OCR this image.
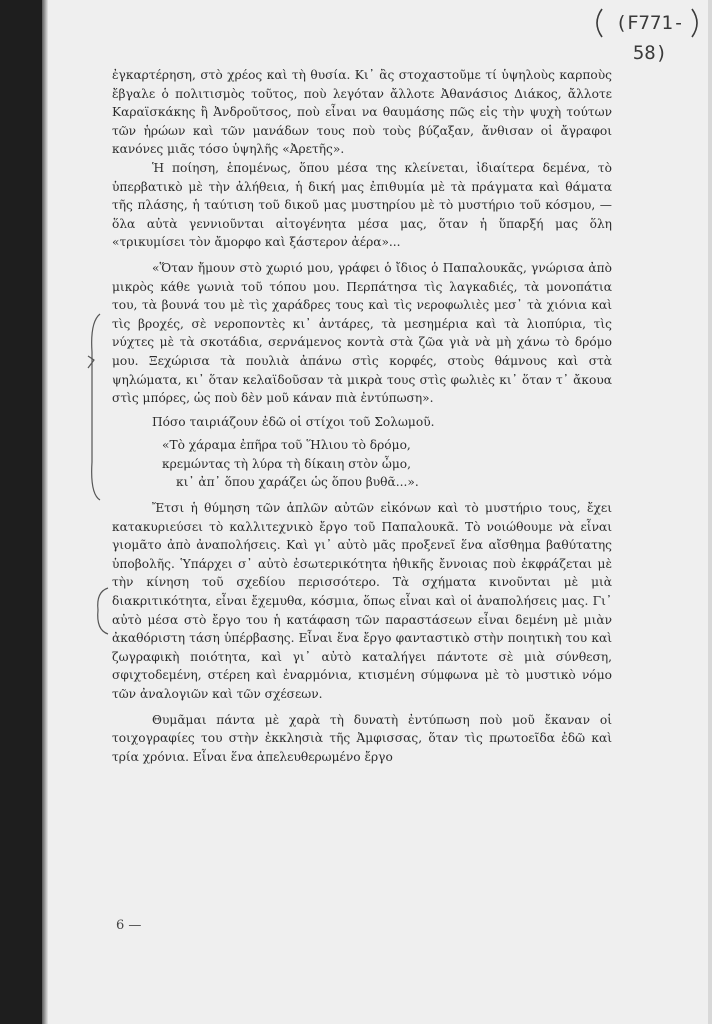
(F771-58)

ἐγκαρτέρηση, στὸ χρέος καὶ τὴ θυσία. Κι᾽ ἂς στοχαστοῦμε τί ὑψηλοὺς καρποὺς ἔβγαλε ὁ πολιτισμὸς τοῦτος, ποὺ λεγόταν ἄλλοτε Ἀθανάσιος Διάκος, ἄλλοτε Καραϊσκάκης ἢ Ἀνδροῦτσος, ποὺ εἶναι να θαυμάσης πῶς εἰς τὴν ψυχὴ τούτων τῶν ἡρώων καὶ τῶν μανάδων τους ποὺ τοὺς βύζαξαν, ἄνθισαν οἱ ἄγραφοι κανόνες μιᾶς τόσο ὑψηλῆς «Ἀρετῆς».

Ἡ ποίηση, ἑπομένως, ὅπου μέσα της κλείνεται, ἰδιαίτερα δεμένα, τὸ ὑπερβατικὸ μὲ τὴν ἀλήθεια, ἡ δική μας ἐπιθυμία μὲ τὰ πράγματα καὶ θάματα τῆς πλάσης, ἡ ταύτιση τοῦ δικοῦ μας μυστηρίου μὲ τὸ μυστήριο τοῦ κόσμου, — ὅλα αὐτὰ γεννιοῦνται αἰτογένητα μέσα μας, ὅταν ἡ ὕπαρξή μας ὅλη «τρικυμίσει τὸν ἄμορφο καὶ ξάστερον ἀέρα»...

«Ὅταν ἤμουν στὸ χωριό μου, γράφει ὁ ἴδιος ὁ Παπαλουκᾶς, γνώρισα ἀπὸ μικρὸς κάθε γωνιὰ τοῦ τόπου μου. Περπάτησα τὶς λαγκαδιές, τὰ μονοπάτια του, τὰ βουνά του μὲ τὶς χαράδρες τους καὶ τὶς νεροφωλιὲς μεσ᾽ τὰ χιόνια καὶ τὶς βροχές, σὲ νεροποντὲς κι᾽ ἀντάρες, τὰ μεσημέρια καὶ τὰ λιοπύρια, τὶς νύχτες μὲ τὰ σκοτάδια, σερνάμενος κοντὰ στὰ ζῶα γιὰ νὰ μὴ χάνω τὸ δρόμο μου. Ξεχώρισα τὰ πουλιὰ ἀπάνω στὶς κορφές, στοὺς θάμνους καὶ στὰ ψηλώματα, κι᾽ ὅταν κελαϊδοῦσαν τὰ μικρὰ τους στὶς φωλιὲς κι᾽ ὅταν τ᾽ ἄκουα στὶς μπόρες, ὡς ποὺ δὲν μοῦ κάναν πιὰ ἐντύπωση».

Πόσο ταιριάζουν ἐδῶ οἱ στίχοι τοῦ Σολωμοῦ.

«Τὸ χάραμα ἐπῆρα τοῦ Ἥλιου τὸ δρόμο,
κρεμώντας τὴ λύρα τὴ δίκαιη στὸν ὦμο,
κι᾽ ἀπ᾽ ὅπου χαράζει ὡς ὅπου βυθᾶ...».

Ἔτσι ἡ θύμηση τῶν ἁπλῶν αὐτῶν εἰκόνων καὶ τὸ μυστήριο τους, ἔχει κατακυριεύσει τὸ καλλιτεχνικὸ ἔργο τοῦ Παπαλουκᾶ. Τὸ νοιώθουμε νὰ εἶναι γιομᾶτο ἀπὸ ἀναπολήσεις. Καὶ γι᾽ αὐτὸ μᾶς προξενεῖ ἕνα αἴσθημα βαθύτατης ὑποβολῆς. Ὑπάρχει σ᾽ αὐτὸ ἐσωτερικότητα ἠθικῆς ἔννοιας ποὺ ἐκφράζεται μὲ τὴν κίνηση τοῦ σχεδίου περισσότερο. Τὰ σχήματα κινοῦνται μὲ μιὰ διακριτικότητα, εἶναι ἔχεμυθα, κόσμια, ὅπως εἶναι καὶ οἱ ἀναπολήσεις μας. Γι᾽ αὐτὸ μέσα στὸ ἔργο του ἡ κατάφαση τῶν παραστάσεων εἶναι δεμένη μὲ μιὰν ἀκαθόριστη τάση ὑπέρβασης. Εἶναι ἕνα ἔργο φανταστικὸ στὴν ποιητικὴ του καὶ ζωγραφικὴ ποιότητα, καὶ γι᾽ αὐτὸ καταλήγει πάντοτε σὲ μιὰ σύνθεση, σφιχτοδεμένη, στέρεη καὶ ἐναρμόνια, κτισμένη σύμφωνα μὲ τὸ μυστικὸ νόμο τῶν ἀναλογιῶν καὶ τῶν σχέσεων.

Θυμᾶμαι πάντα μὲ χαρὰ τὴ δυνατὴ ἐντύπωση ποὺ μοῦ ἔκαναν οἱ τοιχογραφίες του στὴν ἐκκλησιὰ τῆς Ἀμφισσας, ὅταν τὶς πρωτοεῖδα ἐδῶ καὶ τρία χρόνια. Εἶναι ἕνα ἀπελευθερωμένο ἔργο

6 —
